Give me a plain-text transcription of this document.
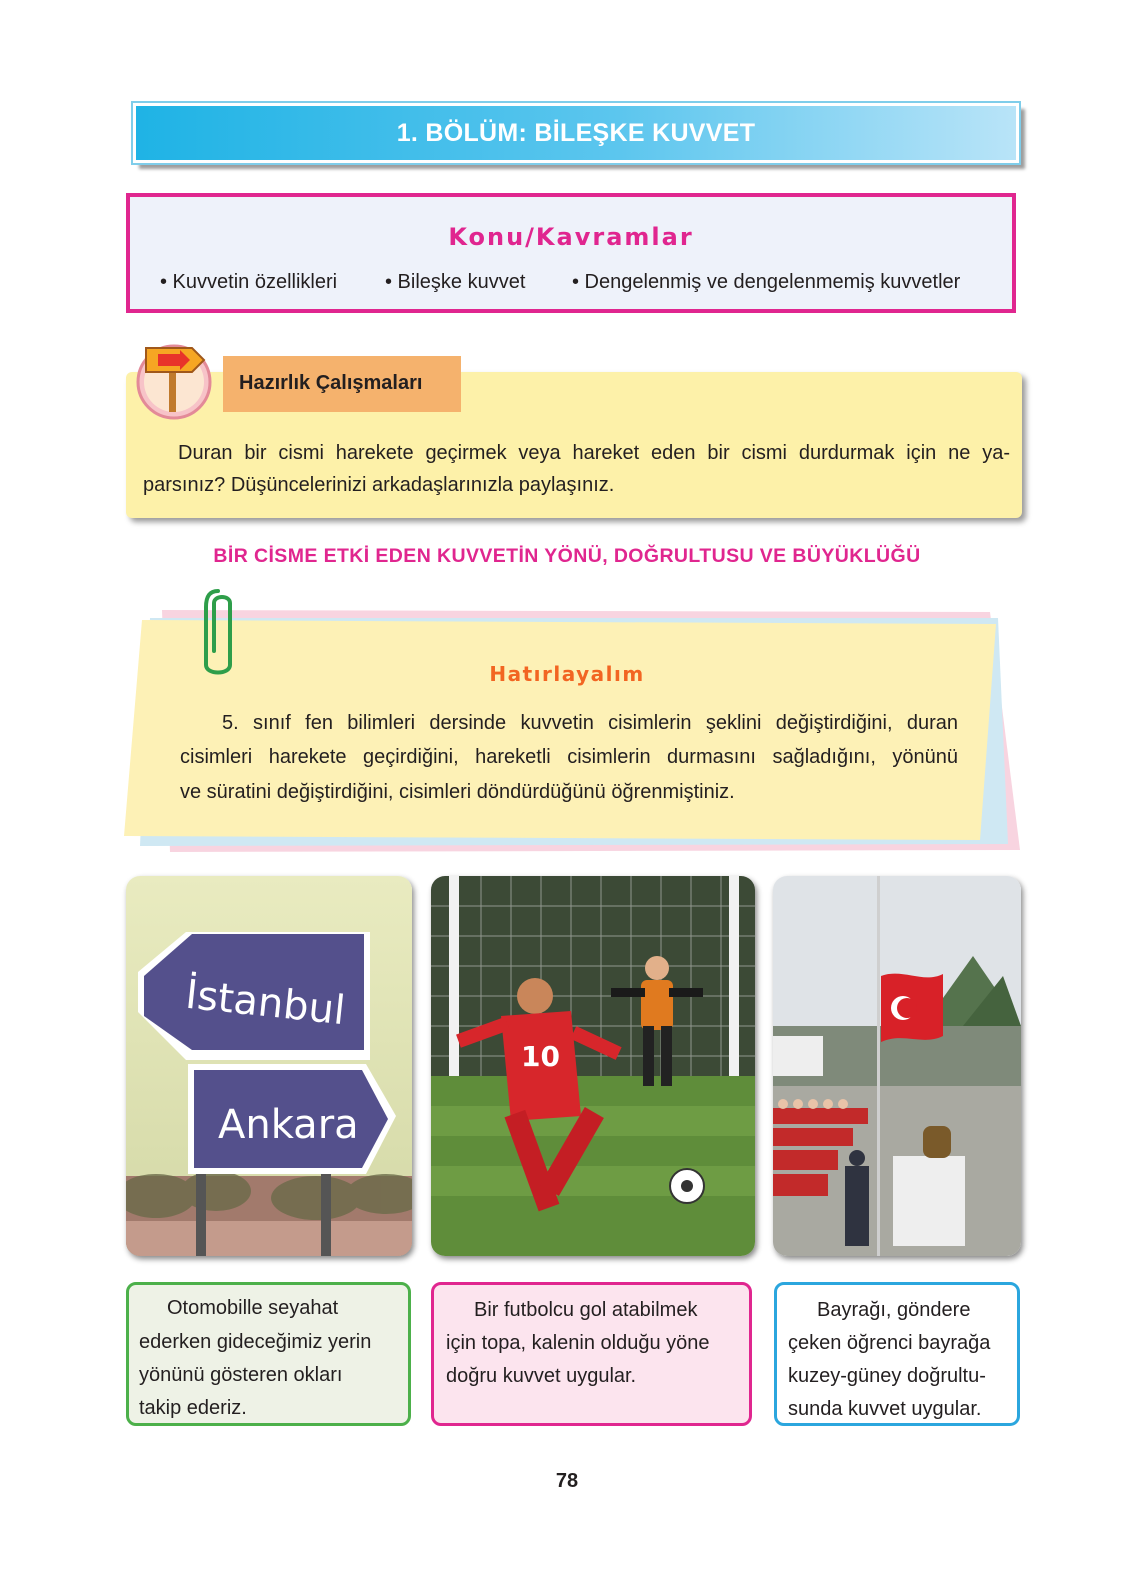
1. BÖLÜM: BİLEŞKE KUVVET
Konu/Kavramlar
• Kuvvetin özellikleri • Bileşke kuvvet • Dengelenmiş ve dengelenmemiş kuvvetler
Hazırlık Çalışmaları
Duran bir cismi harekete geçirmek veya hareket eden bir cismi durdurmak için ne ya-
parsınız? Düşüncelerinizi arkadaşlarınızla paylaşınız.
BİR CİSME ETKİ EDEN KUVVETİN YÖNÜ, DOĞRULTUSU VE BÜYÜKLÜĞÜ
Hatırlayalım
5. sınıf fen bilimleri dersinde kuvvetin cisimlerin şeklini değiştirdiğini, duran
cisimleri harekete geçirdiğini, hareketli cisimlerin durmasını sağladığını, yönünü
ve süratini değiştirdiğini, cisimleri döndürdüğünü öğrenmiştiniz.
İstanbul
Ankara
10
Otomobille seyahat
ederken gideceğimiz yerin
yönünü gösteren okları
takip ederiz.
Bir futbolcu gol atabilmek
için topa, kalenin olduğu yöne
doğru kuvvet uygular.
Bayrağı, göndere
çeken öğrenci bayrağa
kuzey-güney doğrultu-
sunda kuvvet uygular.
78
